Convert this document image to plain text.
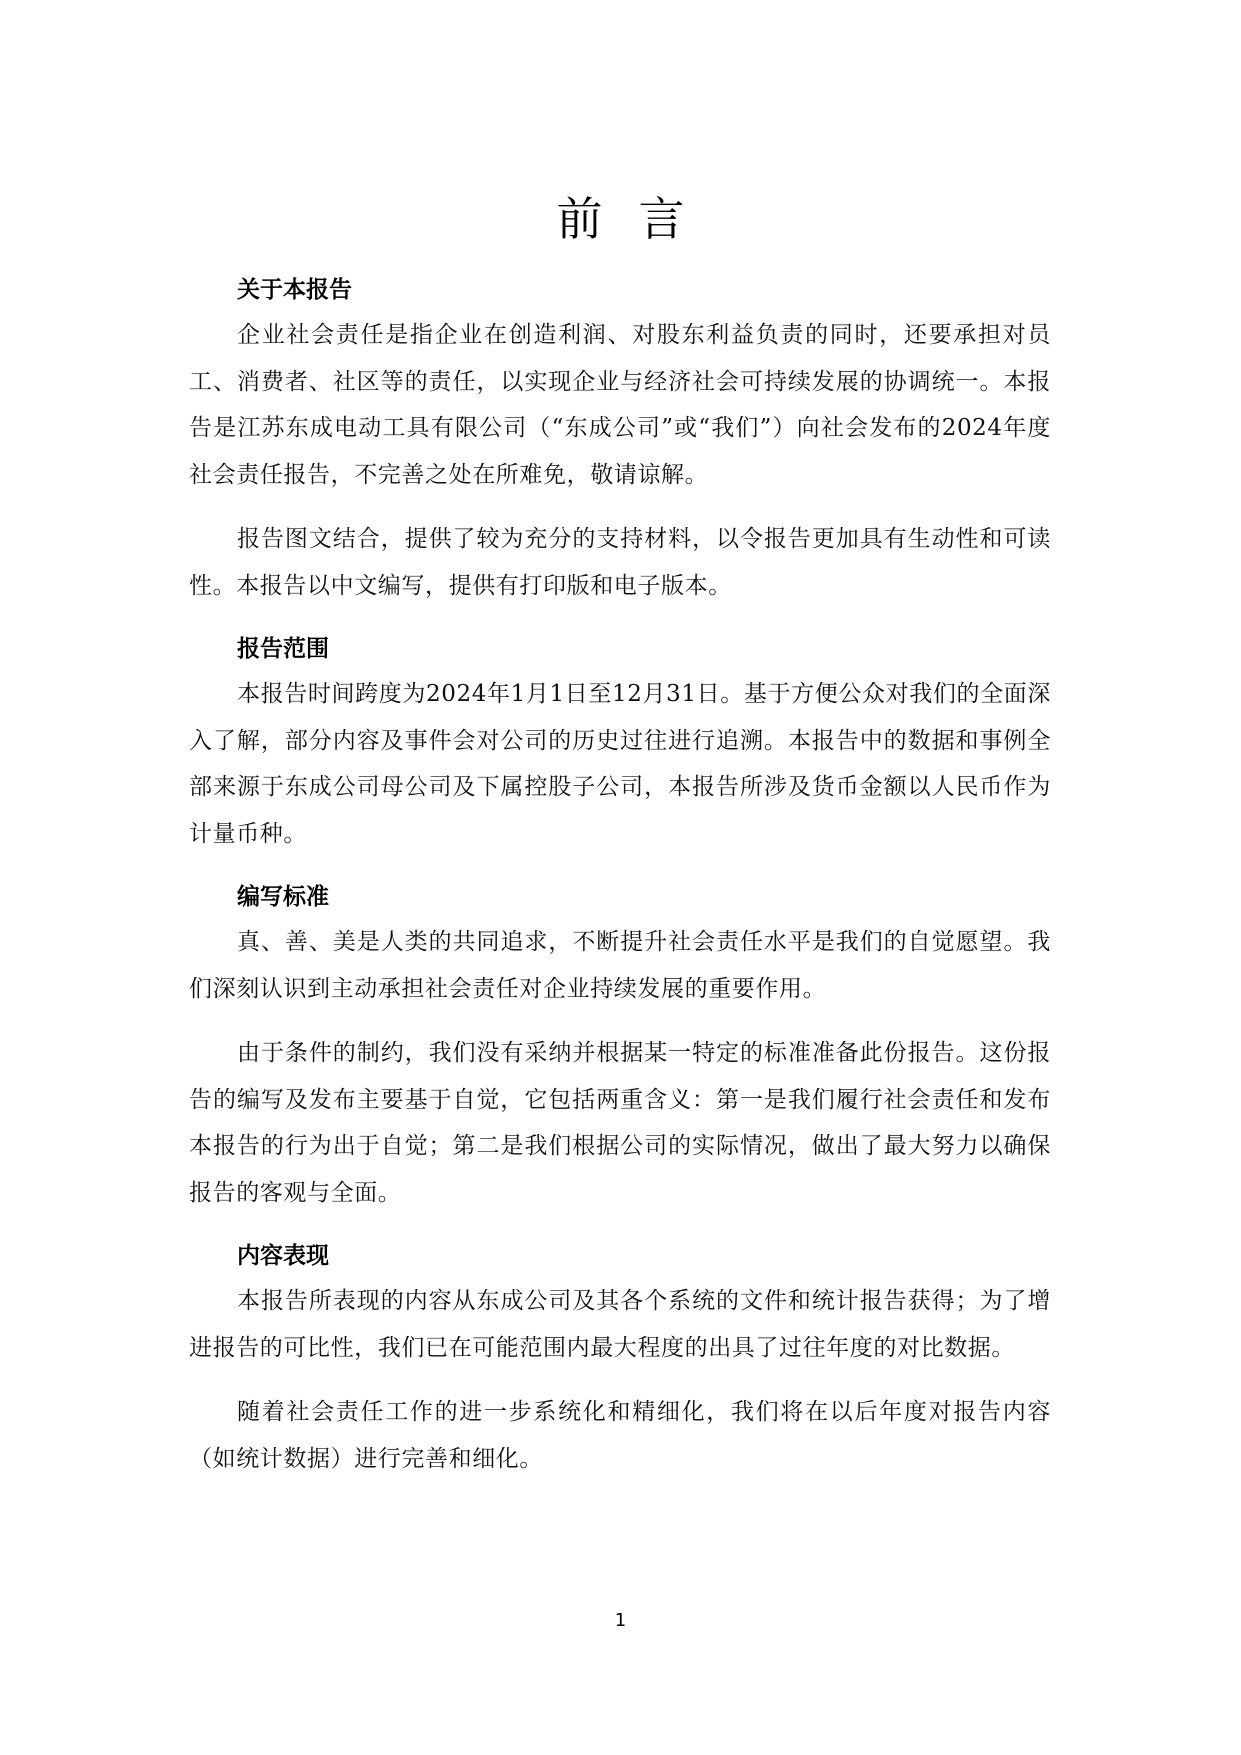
前言
关于本报告

企业社会责任是指企业在创造利润、对股东利益负责的同时，还要承担对员工、消费者、社区等的责任，以实现企业与经济社会可持续发展的协调统一。本报告是江苏东成电动工具有限公司（“东成公司”或“我们”）向社会发布的2024年度社会责任报告，不完善之处在所难免，敬请谅解。

报告图文结合，提供了较为充分的支持材料，以令报告更加具有生动性和可读性。本报告以中文编写，提供有打印版和电子版本。

报告范围

本报告时间跨度为2024年1月1日至12月31日。基于方便公众对我们的全面深入了解，部分内容及事件会对公司的历史过往进行追溯。本报告中的数据和事例全部来源于东成公司母公司及下属控股子公司，本报告所涉及货币金额以人民币作为计量币种。

编写标准

真、善、美是人类的共同追求，不断提升社会责任水平是我们的自觉愿望。我们深刻认识到主动承担社会责任对企业持续发展的重要作用。

由于条件的制约，我们没有采纳并根据某一特定的标准准备此份报告。这份报告的编写及发布主要基于自觉，它包括两重含义：第一是我们履行社会责任和发布本报告的行为出于自觉；第二是我们根据公司的实际情况，做出了最大努力以确保报告的客观与全面。

内容表现

本报告所表现的内容从东成公司及其各个系统的文件和统计报告获得；为了增进报告的可比性，我们已在可能范围内最大程度的出具了过往年度的对比数据。

随着社会责任工作的进一步系统化和精细化，我们将在以后年度对报告内容（如统计数据）进行完善和细化。

1
